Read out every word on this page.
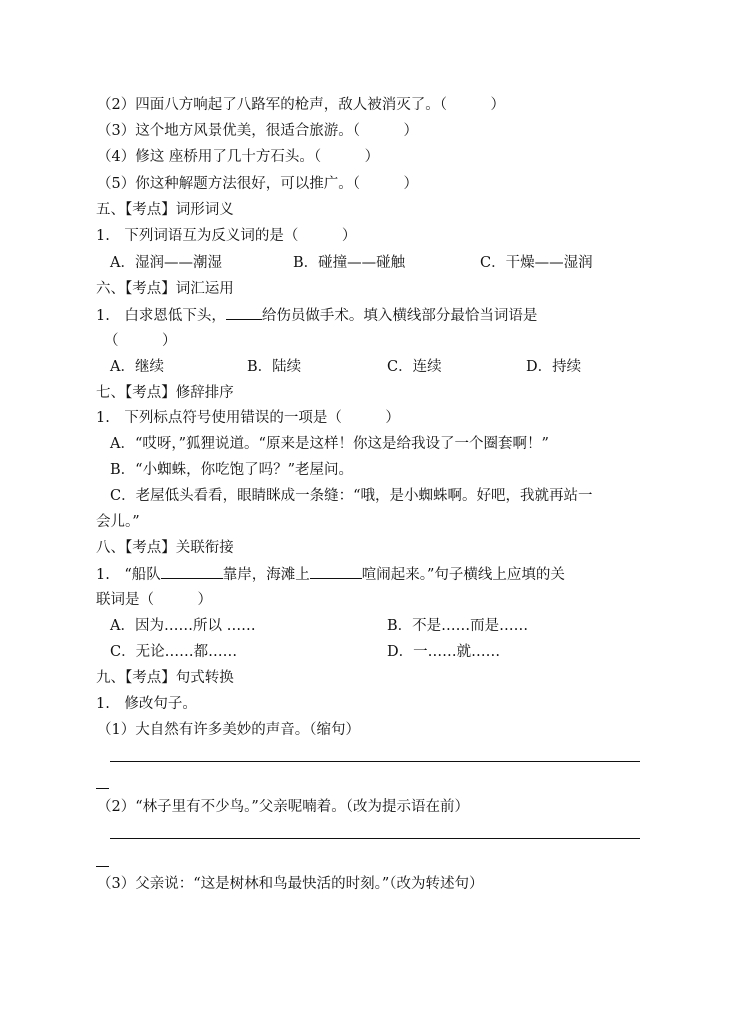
（2）四面八方响起了八路军的枪声，敌人被消灭了。（　　　）
（3）这个地方风景优美，很适合旅游。（　　　）
（4）修这 座桥用了几十方石头。（　　　）
（5）你这种解题方法很好，可以推广。（　　　）
五、【考点】词形词义
1.　下列词语互为反义词的是（　　　）
A．湿润——潮湿	B．碰撞——碰触	C．干燥——湿润
六、【考点】词汇运用
1.　白求恩低下头， 给伤员做手术。填入横线部分最恰当词语是
（　　　）
A．继续	B．陆续	C．连续	D．持续
七、【考点】修辞排序
1.　下列标点符号使用错误的一项是（　　　）
A．“哎呀，”狐狸说道。“原来是这样！你这是给我设了一个圈套啊！”
B．“小蜘蛛，你吃饱了吗？”老屋问。
C．老屋低头看看，眼睛眯成一条缝：“哦，是小蜘蛛啊。好吧，我就再站一
会儿。”
八、【考点】关联衔接
1.　“船队	靠岸，海滩上	喧闹起来。”句子横线上应填的关
联词是（　　　）
A．因为……所以 ……	B．不是……而是……
C．无论……都……	D．一……就……
九、【考点】句式转换
1.　修改句子。
（1）大自然有许多美妙的声音。（缩句）
（2）“林子里有不少鸟。”父亲呢喃着。（改为提示语在前）
（3）父亲说：“这是树林和鸟最快活的时刻。”（改为转述句）
